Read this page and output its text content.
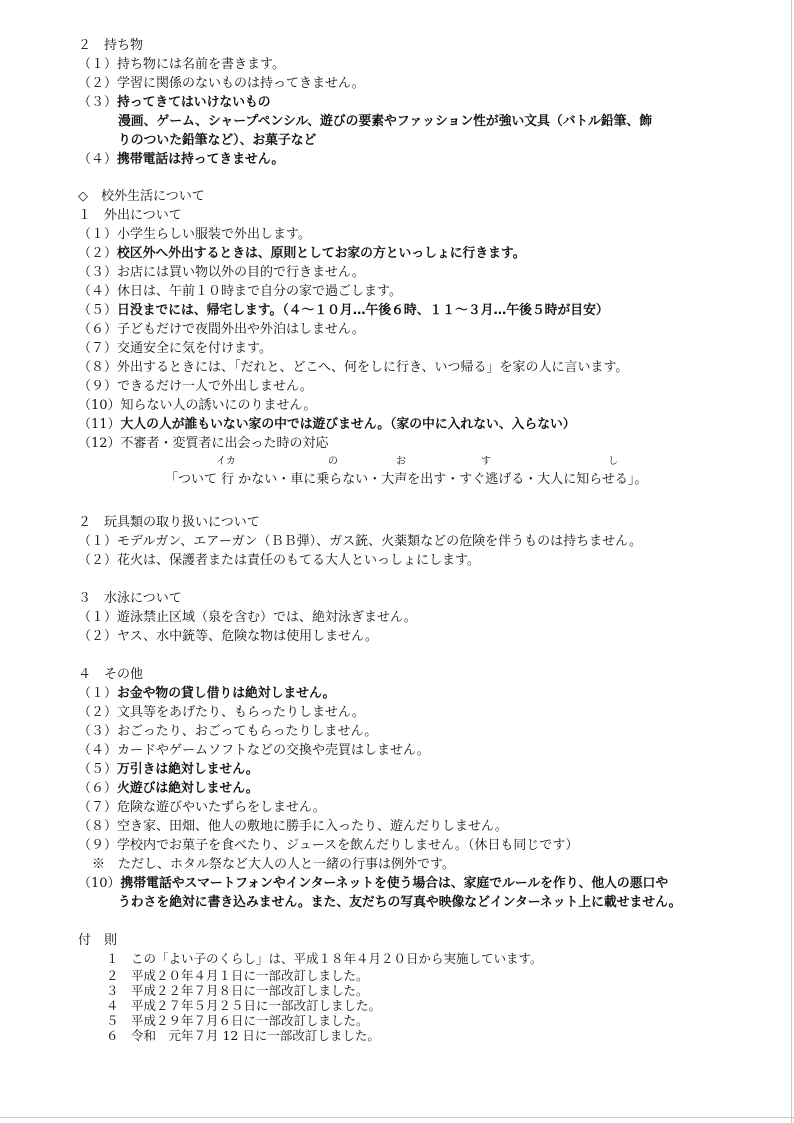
２　持ち物
（１）持ち物には名前を書きます。
（２）学習に関係のないものは持ってきません。
（３）持ってきてはいけないもの
漫画、ゲーム、シャープペンシル、遊びの要素やファッション性が強い文具（バトル鉛筆、飾
りのついた鉛筆など）、お菓子など
（４）携帯電話は持ってきません。
◇　校外生活について
１　外出について
（１）小学生らしい服装で外出します。
（２）校区外へ外出するときは、原則としてお家の方といっしょに行きます。
（３）お店には買い物以外の目的で行きません。
（４）休日は、午前１０時まで自分の家で過ごします。
（５）日没までには、帰宅します。（４～１０月…午後６時、１１～３月…午後５時が目安）
（６）子どもだけで夜間外出や外泊はしません。
（７）交通安全に気を付けます。
（８）外出するときには、「だれと、どこへ、何をしに行き、いつ帰る」を家の人に言います。
（９）できるだけ一人で外出しません。
（10）知らない人の誘いにのりません。
（11）大人の人が誰もいない家の中では遊びません。（家の中に入れない、入らない）
（12）不審者・変質者に出会った時の対応
イカ	の	お	す	し
「ついて 行 かない・車に乗らない・大声を出す・すぐ逃げる・大人に知らせる」。
２　玩具類の取り扱いについて
（１）モデルガン、エアーガン（ＢＢ弾）、ガス銃、火薬類などの危険を伴うものは持ちません。
（２）花火は、保護者または責任のもてる大人といっしょにします。
３　水泳について
（１）遊泳禁止区域（泉を含む）では、絶対泳ぎません。
（２）ヤス、水中銃等、危険な物は使用しません。
４　その他
（１）お金や物の貸し借りは絶対しません。
（２）文具等をあげたり、もらったりしません。
（３）おごったり、おごってもらったりしません。
（４）カードやゲームソフトなどの交換や売買はしません。
（５）万引きは絶対しません。
（６）火遊びは絶対しません。
（７）危険な遊びやいたずらをしません。
（８）空き家、田畑、他人の敷地に勝手に入ったり、遊んだりしません。
（９）学校内でお菓子を食べたり、ジュースを飲んだりしません。（休日も同じです）
※　ただし、ホタル祭など大人の人と一緒の行事は例外です。
（10）携帯電話やスマートフォンやインターネットを使う場合は、家庭でルールを作り、他人の悪口や
うわさを絶対に書き込みません。また、友だちの写真や映像などインターネット上に載せません。
付　則
１　この「よい子のくらし」は、平成１８年４月２０日から実施しています。
２　平成２０年４月１日に一部改訂しました。
３　平成２２年７月８日に一部改訂しました。
４　平成２７年５月２５日に一部改訂しました。
５　平成２９年７月６日に一部改訂しました。
６　令和　元年７月 12 日に一部改訂しました。
